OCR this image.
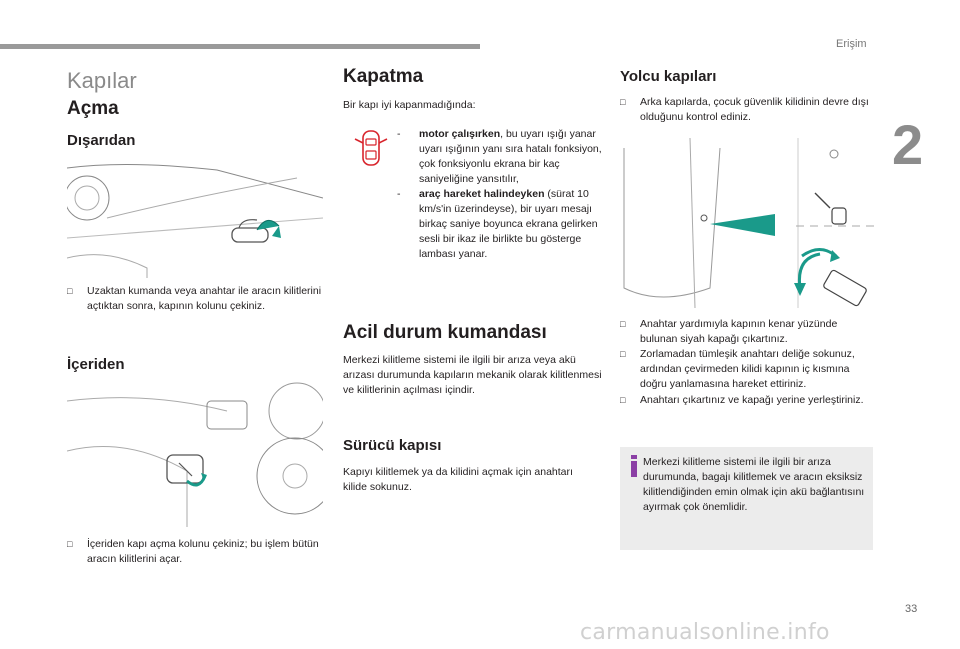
Erişim
2
33
carmanualsonline.info
Kapılar
Açma
Dışarıdan
□ Uzaktan kumanda veya anahtar ile aracın kilitlerini açtıktan sonra, kapının kolunu çekiniz.
İçeriden
□ İçeriden kapı açma kolunu çekiniz; bu işlem bütün aracın kilitlerini açar.
Kapatma
Bir kapı iyi kapanmadığında:
- motor çalışırken, bu uyarı ışığı yanar uyarı ışığının yanı sıra hatalı fonksiyon, çok fonksiyonlu ekrana bir kaç saniyeliğine yansıtılır,
- araç hareket halindeyken (sürat 10 km/s'in üzerindeyse), bir uyarı mesajı birkaç saniye boyunca ekrana gelirken sesli bir ikaz ile birlikte bu gösterge lambası yanar.
Acil durum kumandası
Merkezi kilitleme sistemi ile ilgili bir arıza veya akü arızası durumunda kapıların mekanik olarak kilitlenmesi ve kilitlerinin açılması içindir.
Sürücü kapısı
Kapıyı kilitlemek ya da kilidini açmak için anahtarı kilide sokunuz.
Yolcu kapıları
□ Arka kapılarda, çocuk güvenlik kilidinin devre dışı olduğunu kontrol ediniz.
□ Anahtar yardımıyla kapının kenar yüzünde bulunan siyah kapağı çıkartınız.
□ Zorlamadan tümleşik anahtarı deliğe sokunuz, ardından çevirmeden kilidi kapının iç kısmına doğru yanlamasına hareket ettiriniz.
□ Anahtarı çıkartınız ve kapağı yerine yerleştiriniz.
Merkezi kilitleme sistemi ile ilgili bir arıza durumunda, bagajı kilitlemek ve aracın eksiksiz kilitlendiğinden emin olmak için akü bağlantısını ayırmak çok önemlidir.
